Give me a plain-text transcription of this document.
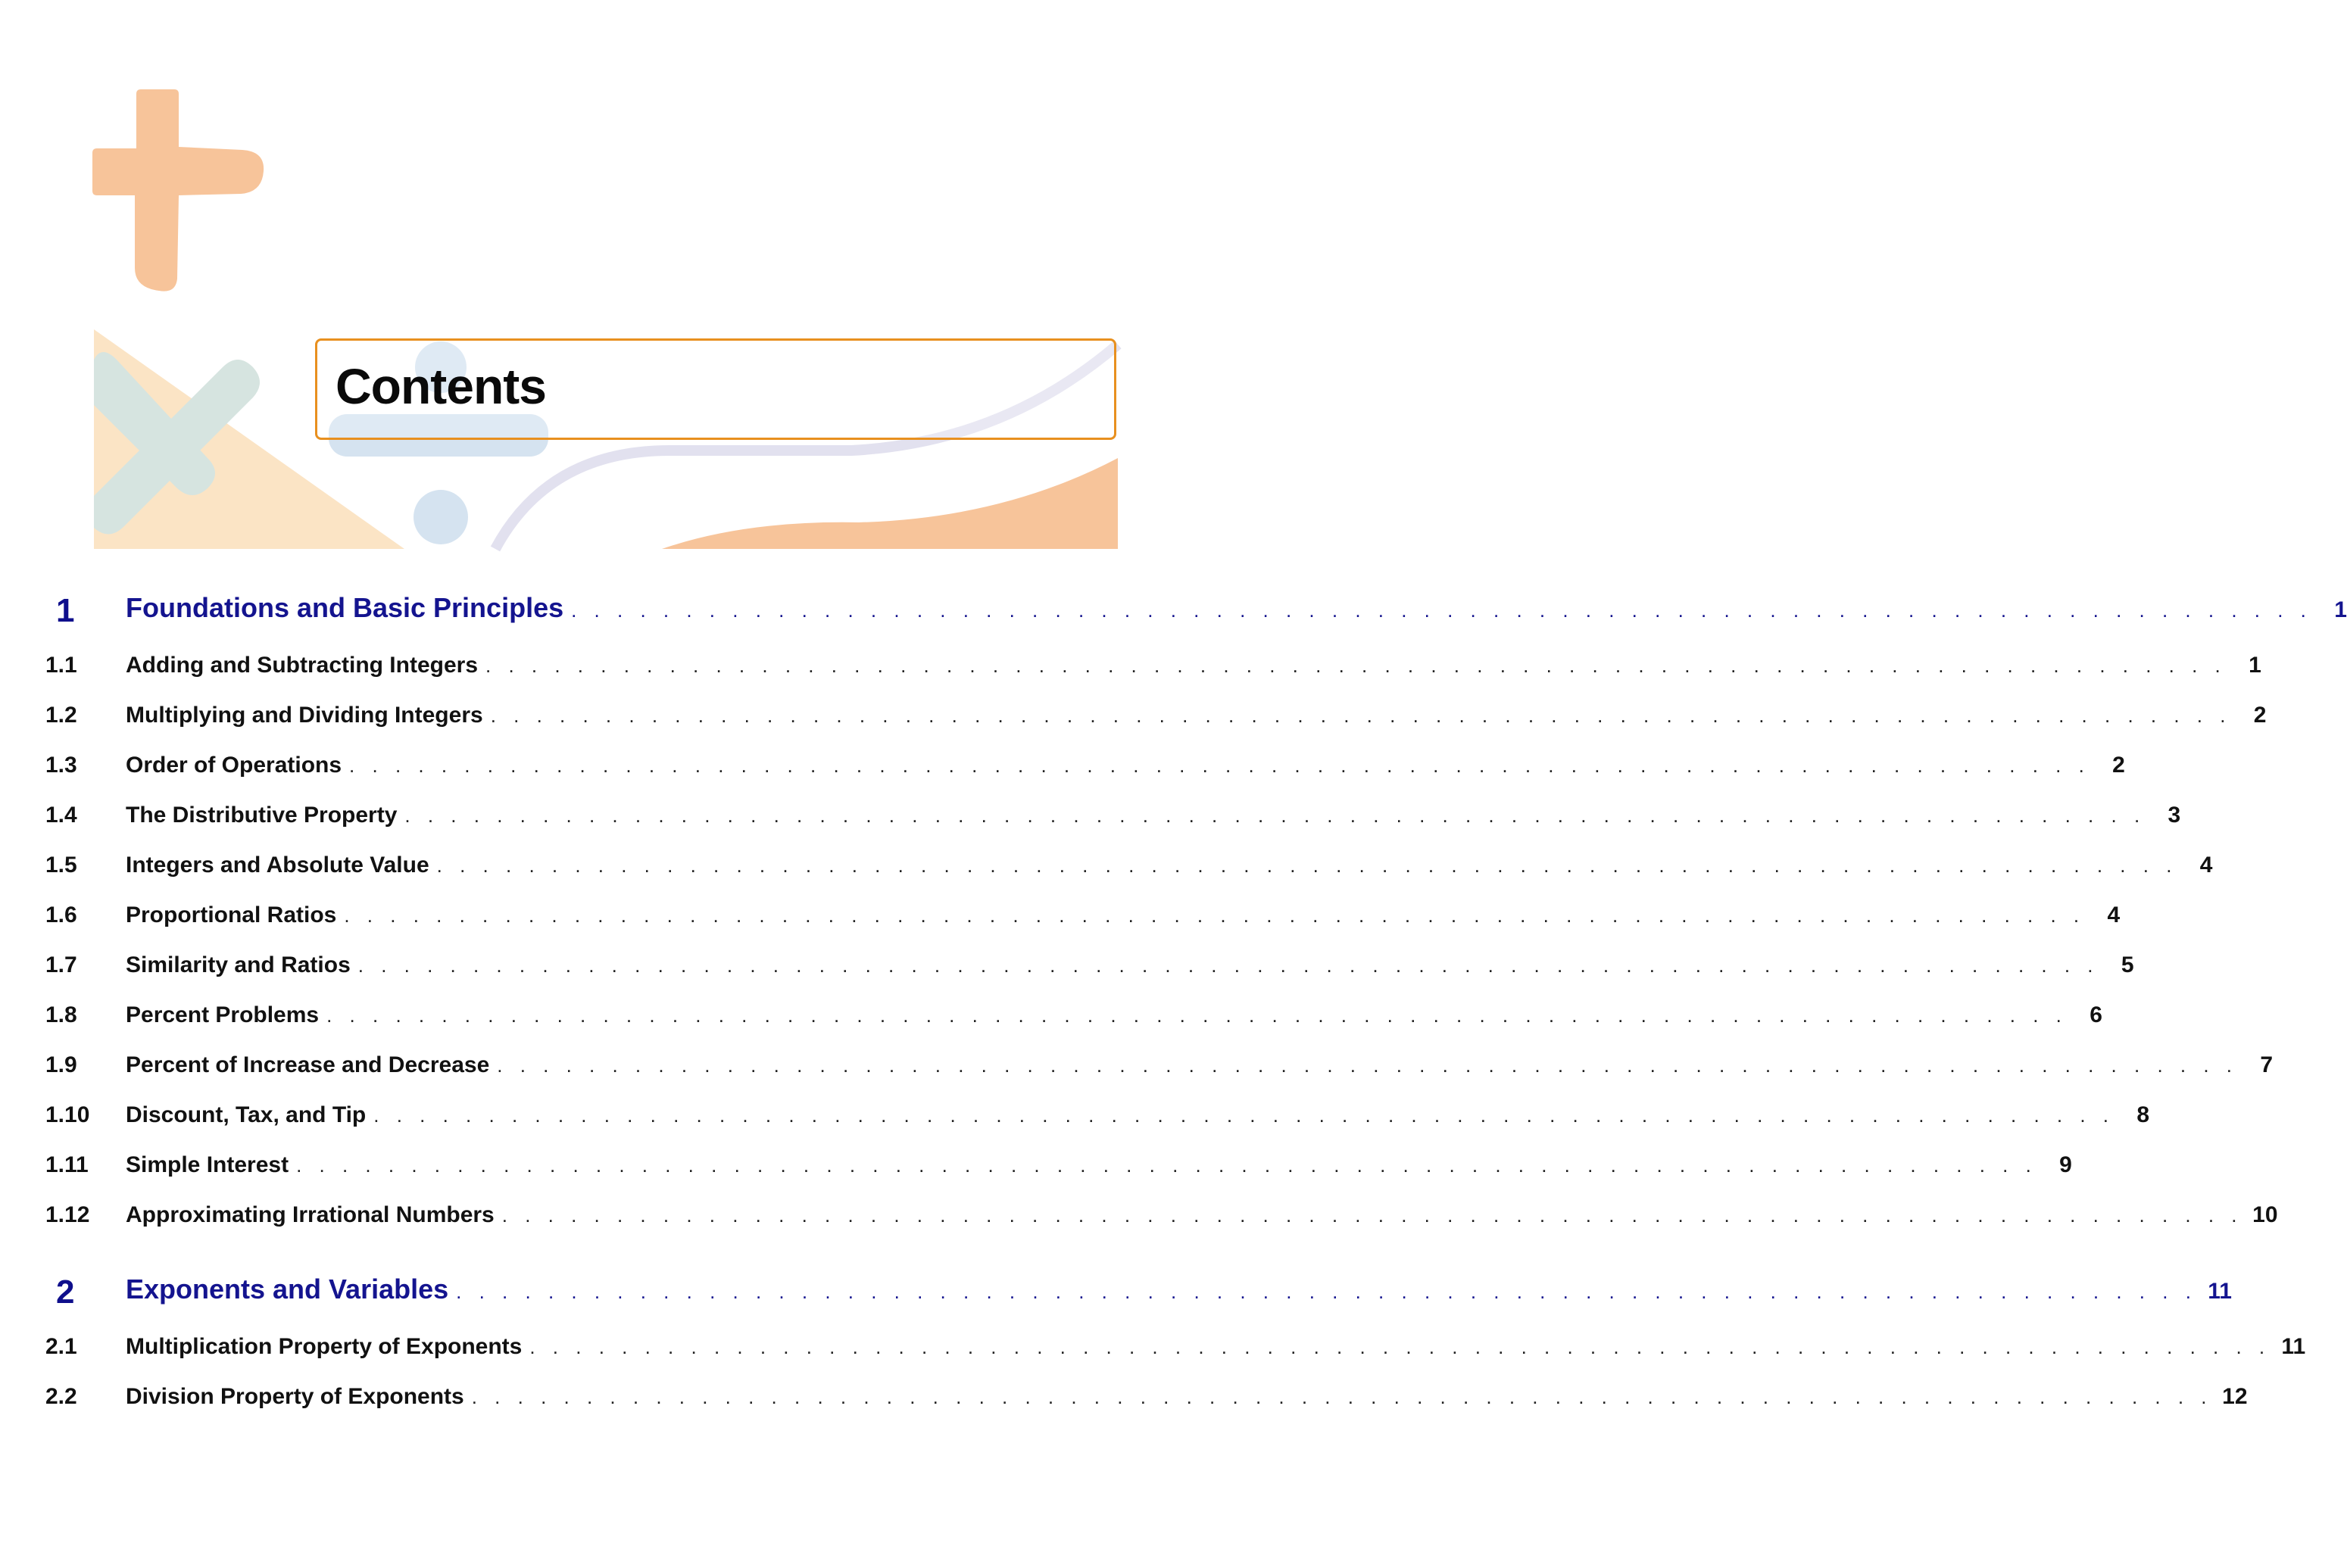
Contents
1	Foundations and Basic Principles . . . . . . . . . . . . . . . . . . . . . . . . . . . . . . . . . . . . . . . . . . . . . . . . . . . . . . . . . . . . . . . . . . . . . . . . . . . . 1
1.1	Adding and Subtracting Integers . . . . . . . . . . . . . . . . . . . . . . . . . . . . . . . . . . . . . . . . . . . . . . . . . . . . . . . . . . . . . . . . . . . . . . . . . . . . 1
1.2	Multiplying and Dividing Integers . . . . . . . . . . . . . . . . . . . . . . . . . . . . . . . . . . . . . . . . . . . . . . . . . . . . . . . . . . . . . . . . . . . . . . . . . . . . 2
1.3	Order of Operations . . . . . . . . . . . . . . . . . . . . . . . . . . . . . . . . . . . . . . . . . . . . . . . . . . . . . . . . . . . . . . . . . . . . . . . . . . . . 2
1.4	The Distributive Property . . . . . . . . . . . . . . . . . . . . . . . . . . . . . . . . . . . . . . . . . . . . . . . . . . . . . . . . . . . . . . . . . . . . . . . . . . . . 3
1.5	Integers and Absolute Value . . . . . . . . . . . . . . . . . . . . . . . . . . . . . . . . . . . . . . . . . . . . . . . . . . . . . . . . . . . . . . . . . . . . . . . . . . . . 4
1.6	Proportional Ratios . . . . . . . . . . . . . . . . . . . . . . . . . . . . . . . . . . . . . . . . . . . . . . . . . . . . . . . . . . . . . . . . . . . . . . . . . . . . 4
1.7	Similarity and Ratios . . . . . . . . . . . . . . . . . . . . . . . . . . . . . . . . . . . . . . . . . . . . . . . . . . . . . . . . . . . . . . . . . . . . . . . . . . . . 5
1.8	Percent Problems . . . . . . . . . . . . . . . . . . . . . . . . . . . . . . . . . . . . . . . . . . . . . . . . . . . . . . . . . . . . . . . . . . . . . . . . . . . . 6
1.9	Percent of Increase and Decrease . . . . . . . . . . . . . . . . . . . . . . . . . . . . . . . . . . . . . . . . . . . . . . . . . . . . . . . . . . . . . . . . . . . . . . . . . . . . 7
1.10	Discount, Tax, and Tip . . . . . . . . . . . . . . . . . . . . . . . . . . . . . . . . . . . . . . . . . . . . . . . . . . . . . . . . . . . . . . . . . . . . . . . . . . . . 8
1.11	Simple Interest . . . . . . . . . . . . . . . . . . . . . . . . . . . . . . . . . . . . . . . . . . . . . . . . . . . . . . . . . . . . . . . . . . . . . . . . . . . . 9
1.12	Approximating Irrational Numbers . . . . . . . . . . . . . . . . . . . . . . . . . . . . . . . . . . . . . . . . . . . . . . . . . . . . . . . . . . . . . . . . . . . . . . . . . . . . 10
2	Exponents and Variables . . . . . . . . . . . . . . . . . . . . . . . . . . . . . . . . . . . . . . . . . . . . . . . . . . . . . . . . . . . . . . . . . . . . . . . . . . . . 11
2.1	Multiplication Property of Exponents . . . . . . . . . . . . . . . . . . . . . . . . . . . . . . . . . . . . . . . . . . . . . . . . . . . . . . . . . . . . . . . . . . . . . . . . . . . . 11
2.2	Division Property of Exponents . . . . . . . . . . . . . . . . . . . . . . . . . . . . . . . . . . . . . . . . . . . . . . . . . . . . . . . . . . . . . . . . . . . . . . . . . . . . 12
